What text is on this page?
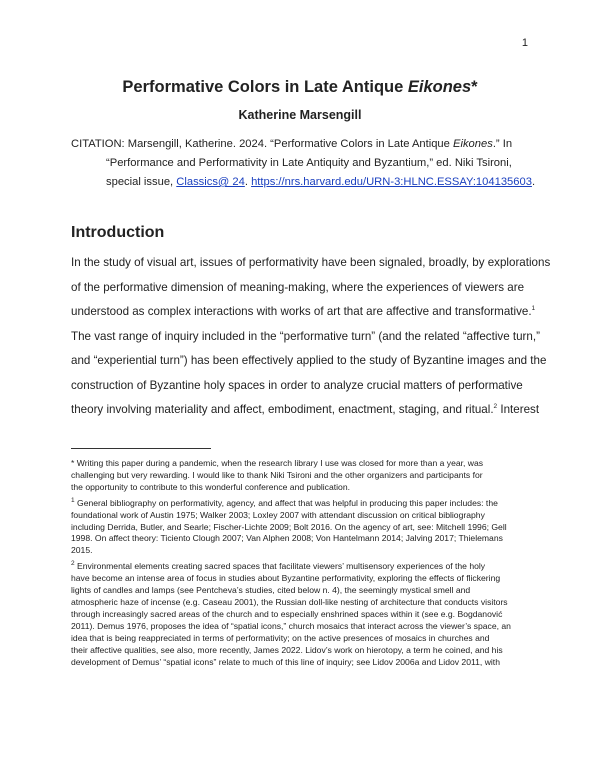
1
Performative Colors in Late Antique Eikones*
Katherine Marsengill
CITATION: Marsengill, Katherine. 2024. “Performative Colors in Late Antique Eikones.” In
“Performance and Performativity in Late Antiquity and Byzantium,” ed. Niki Tsironi,
special issue, Classics@ 24. https://nrs.harvard.edu/URN-3:HLNC.ESSAY:104135603.
Introduction
In the study of visual art, issues of performativity have been signaled, broadly, by explorations
of the performative dimension of meaning-making, where the experiences of viewers are
understood as complex interactions with works of art that are affective and transformative.$^1$
The vast range of inquiry included in the “performative turn” (and the related “affective turn,”
and “experiential turn”) has been effectively applied to the study of Byzantine images and the
construction of Byzantine holy spaces in order to analyze crucial matters of performative
theory involving materiality and affect, embodiment, enactment, staging, and ritual.$^2$ Interest
* Writing this paper during a pandemic, when the research library I use was closed for more than a year, was
challenging but very rewarding. I would like to thank Niki Tsironi and the other organizers and participants for
the opportunity to contribute to this wonderful conference and publication.
$^1$ General bibliography on performativity, agency, and affect that was helpful in producing this paper includes: the
foundational work of Austin 1975; Walker 2003; Loxley 2007 with attendant discussion on critical bibliography
including Derrida, Butler, and Searle; Fischer-Lichte 2009; Bolt 2016. On the agency of art, see: Mitchell 1996; Gell
1998. On affect theory: Ticiento Clough 2007; Van Alphen 2008; Von Hantelmann 2014; Jalving 2017; Thielemans
2015.
$^2$ Environmental elements creating sacred spaces that facilitate viewers’ multisensory experiences of the holy
have become an intense area of focus in studies about Byzantine performativity, exploring the effects of flickering
lights of candles and lamps (see Pentcheva’s studies, cited below n. 4), the seemingly mystical smell and
atmospheric haze of incense (e.g. Caseau 2001), the Russian doll-like nesting of architecture that conducts visitors
through increasingly sacred areas of the church and to especially enshrined spaces within it (see e.g. Bogdanović
2011). Demus 1976, proposes the idea of “spatial icons,” church mosaics that interact across the viewer’s space, an
idea that is being reappreciated in terms of performativity; on the active presences of mosaics in churches and
their affective qualities, see also, more recently, James 2022. Lidov’s work on hierotopy, a term he coined, and his
development of Demus’ “spatial icons” relate to much of this line of inquiry; see Lidov 2006a and Lidov 2011, with
